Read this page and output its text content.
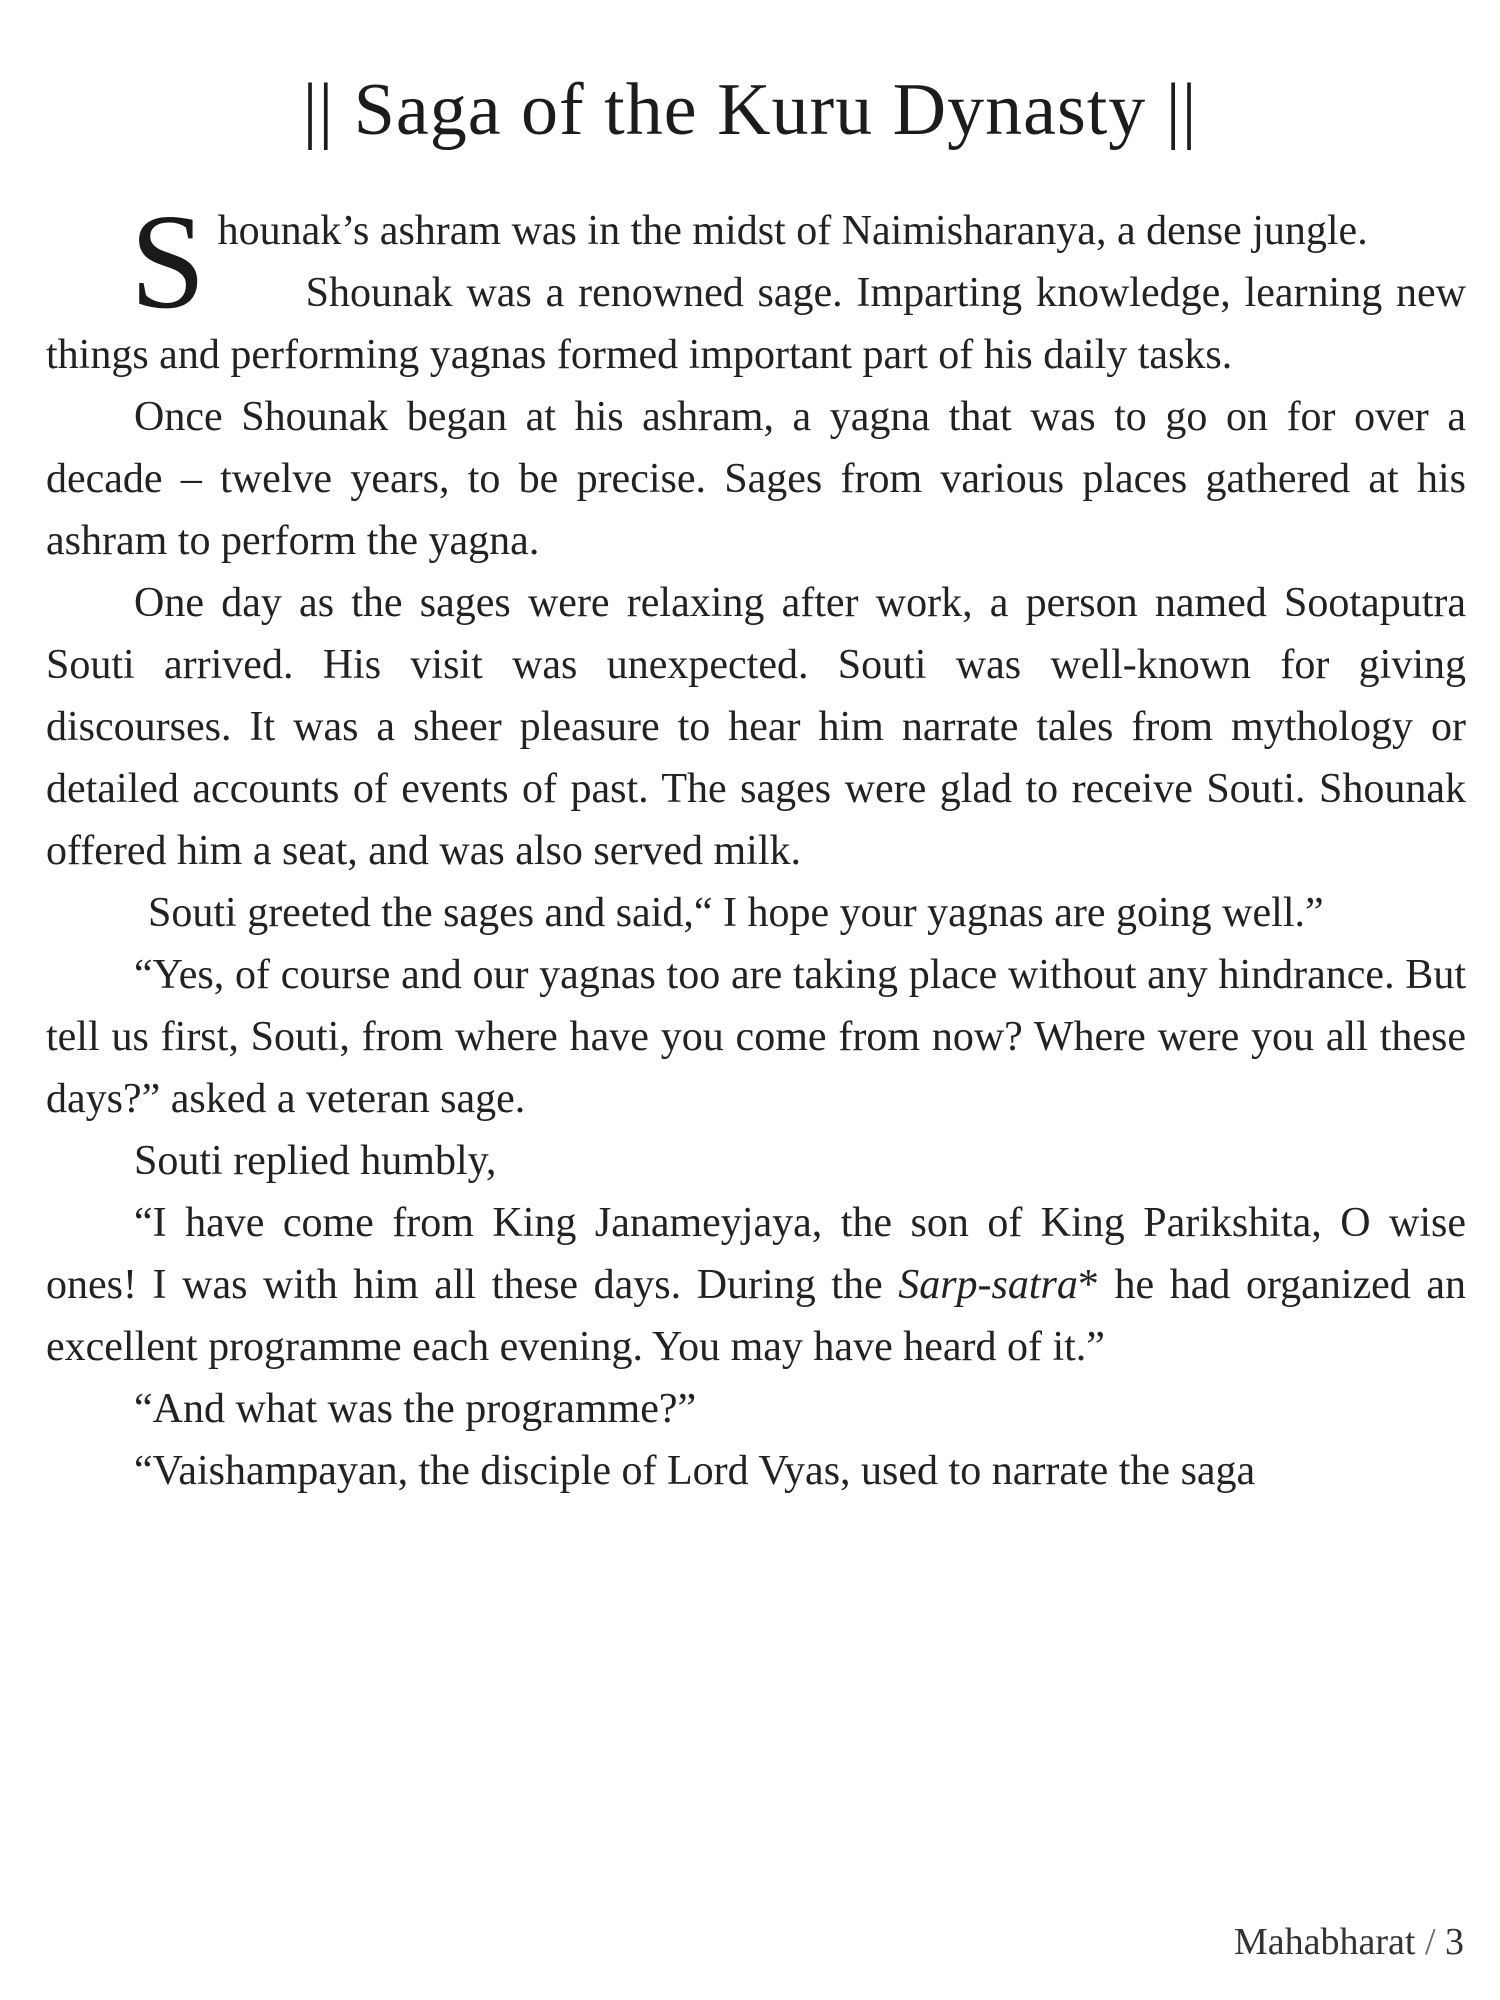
|| Saga of the Kuru Dynasty ||

Shounak’s ashram was in the midst of Naimisharanya, a dense jungle.

Shounak was a renowned sage. Imparting knowledge, learning new things and performing yagnas formed important part of his daily tasks.

Once Shounak began at his ashram, a yagna that was to go on for over a decade – twelve years, to be precise. Sages from various places gathered at his ashram to perform the yagna.

One day as the sages were relaxing after work, a person named Sootaputra Souti arrived. His visit was unexpected. Souti was well-known for giving discourses. It was a sheer pleasure to hear him narrate tales from mythology or detailed accounts of events of past. The sages were glad to receive Souti. Shounak offered him a seat, and was also served milk.

Souti greeted the sages and said,“ I hope your yagnas are going well.”

“Yes, of course and our yagnas too are taking place without any hindrance. But tell us first, Souti, from where have you come from now? Where were you all these days?” asked a veteran sage.

Souti replied humbly,

“I have come from King Janameyjaya, the son of King Parikshita, O wise ones! I was with him all these days. During the Sarp-satra* he had organized an excellent programme each evening. You may have heard of it.”

“And what was the programme?”

“Vaishampayan, the disciple of Lord Vyas, used to narrate the saga

Mahabharat / 3
